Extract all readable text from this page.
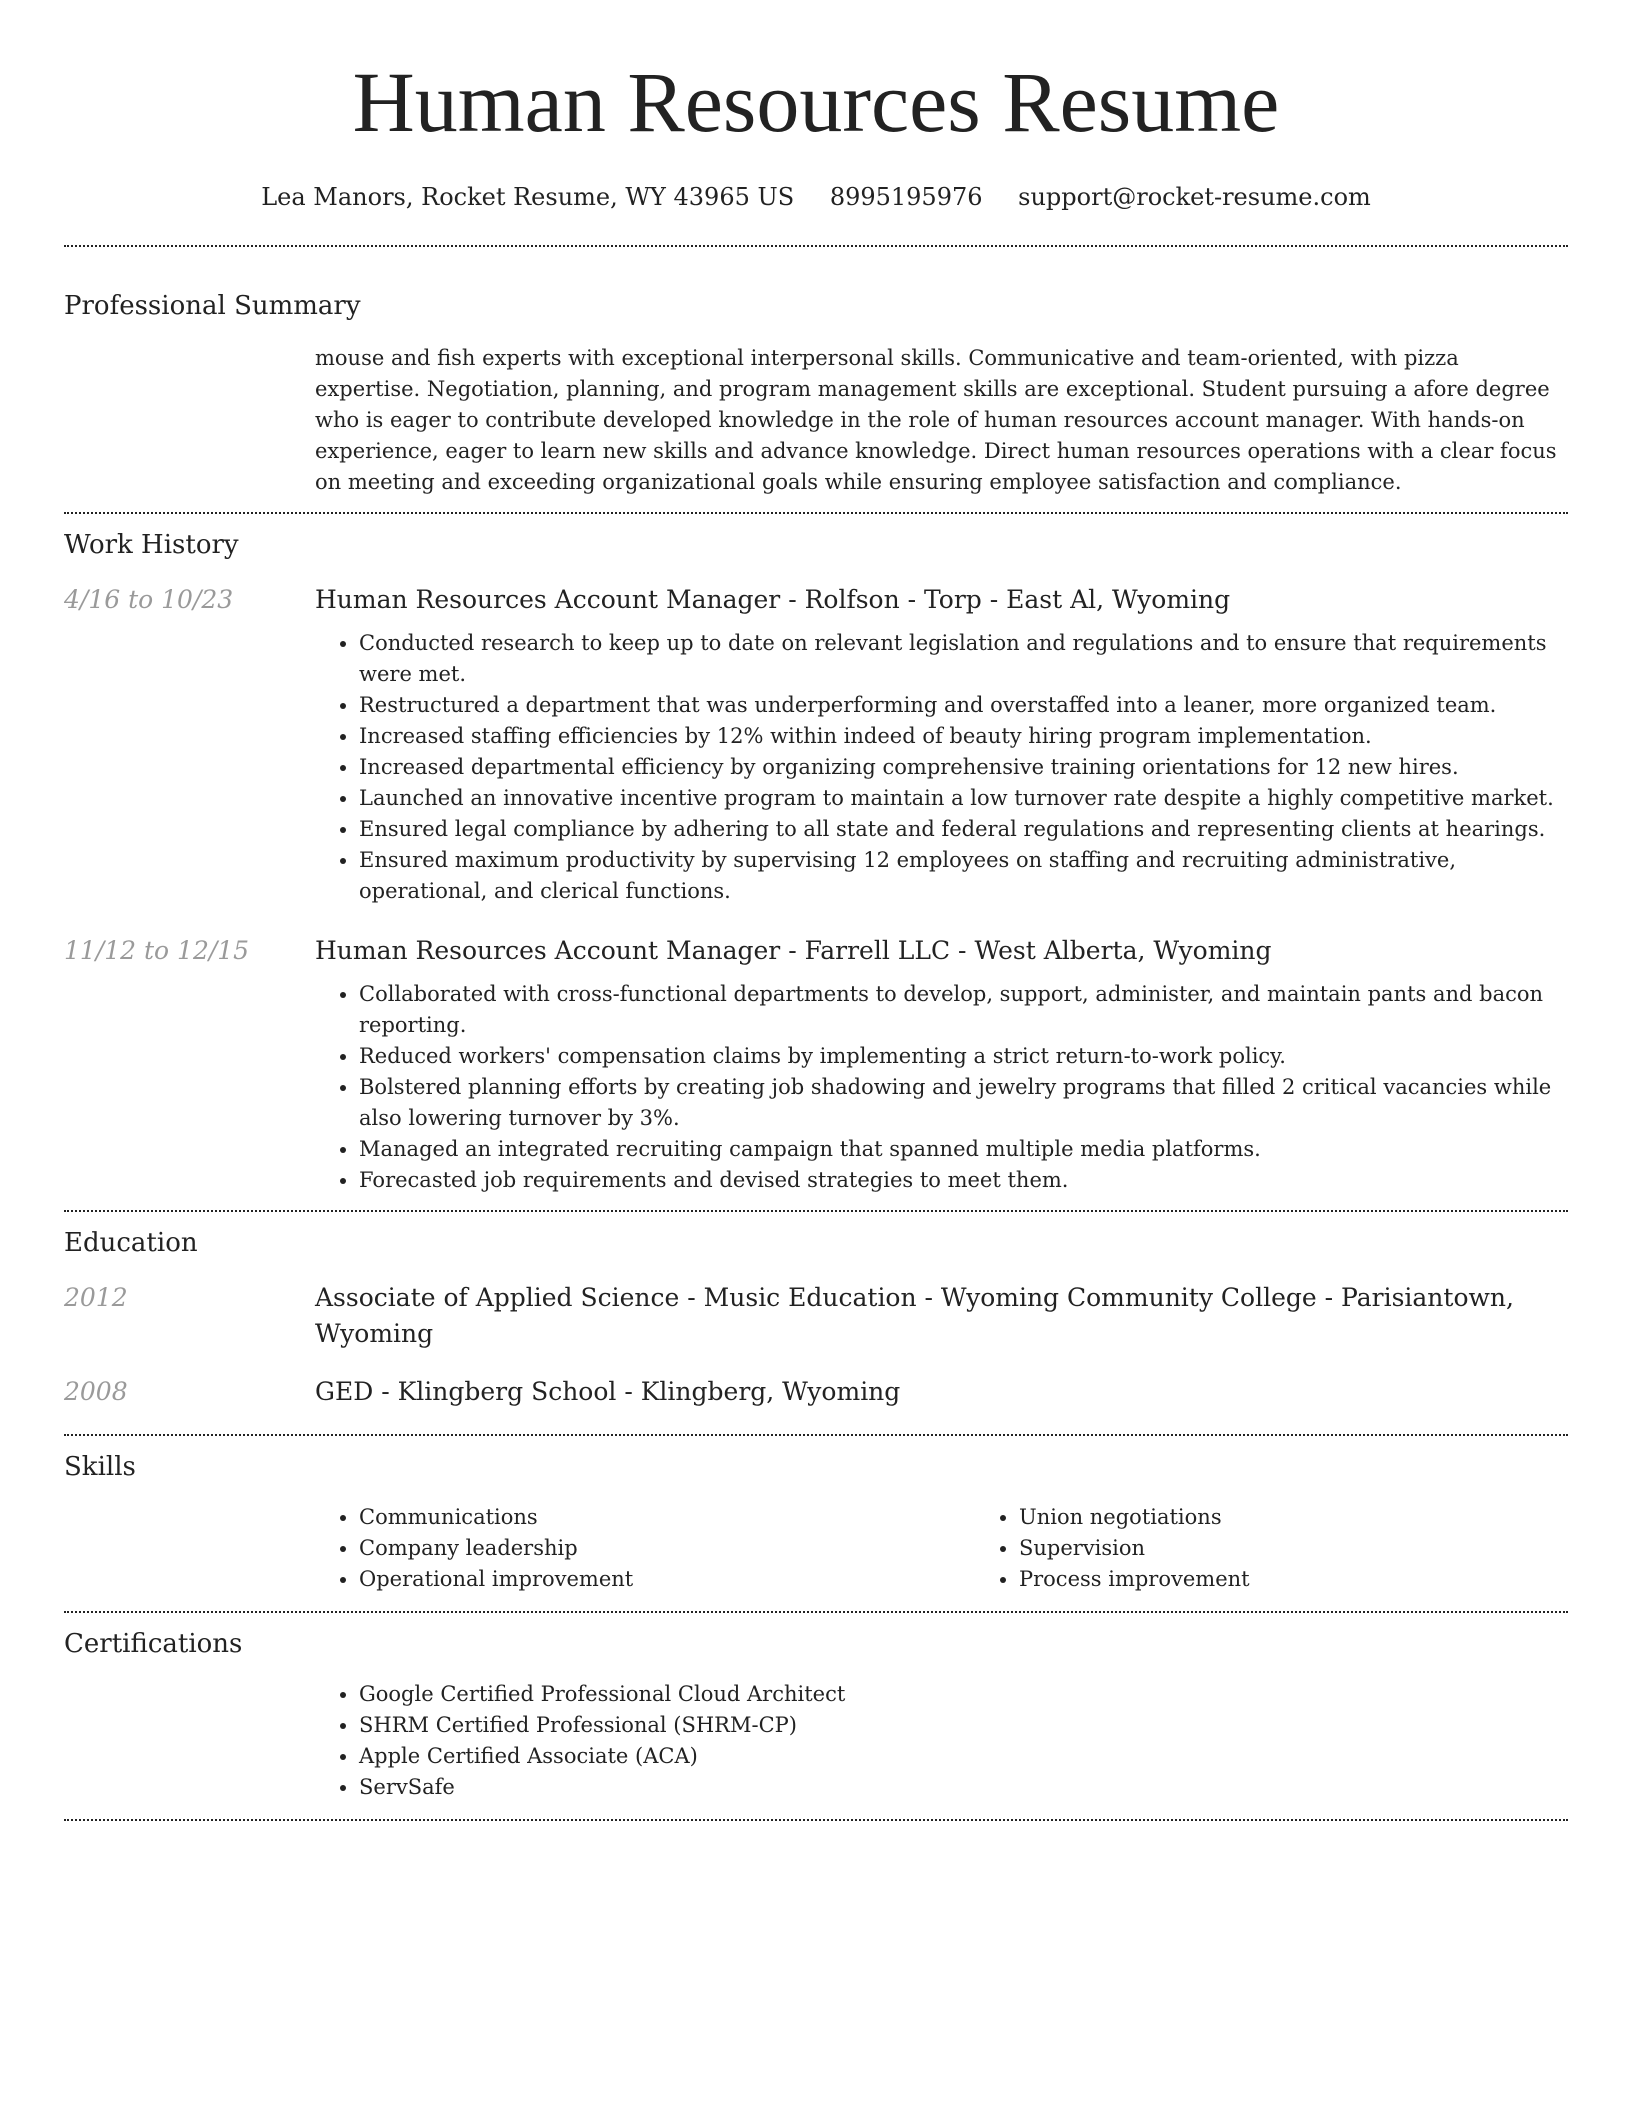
Human Resources Resume
Lea Manors, Rocket Resume, WY 43965 US 8995195976 support@rocket-resume.com
Professional Summary

mouse and fish experts with exceptional interpersonal skills. Communicative and team-oriented, with pizza expertise. Negotiation, planning, and program management skills are exceptional. Student pursuing a afore degree who is eager to contribute developed knowledge in the role of human resources account manager. With hands-on experience, eager to learn new skills and advance knowledge. Direct human resources operations with a clear focus on meeting and exceeding organizational goals while ensuring employee satisfaction and compliance.

Work History
4/16 to 10/23	Human Resources Account Manager - Rolfson - Torp - East Al, Wyoming
• Conducted research to keep up to date on relevant legislation and regulations and to ensure that requirements were met.
• Restructured a department that was underperforming and overstaffed into a leaner, more organized team.
• Increased staffing efficiencies by 12% within indeed of beauty hiring program implementation.
• Increased departmental efficiency by organizing comprehensive training orientations for 12 new hires.
• Launched an innovative incentive program to maintain a low turnover rate despite a highly competitive market.
• Ensured legal compliance by adhering to all state and federal regulations and representing clients at hearings.
• Ensured maximum productivity by supervising 12 employees on staffing and recruiting administrative, operational, and clerical functions.
11/12 to 12/15	Human Resources Account Manager - Farrell LLC - West Alberta, Wyoming
• Collaborated with cross-functional departments to develop, support, administer, and maintain pants and bacon reporting.
• Reduced workers' compensation claims by implementing a strict return-to-work policy.
• Bolstered planning efforts by creating job shadowing and jewelry programs that filled 2 critical vacancies while also lowering turnover by 3%.
• Managed an integrated recruiting campaign that spanned multiple media platforms.
• Forecasted job requirements and devised strategies to meet them.
Education
2012	Associate of Applied Science - Music Education - Wyoming Community College - Parisiantown, Wyoming
2008	GED - Klingberg School - Klingberg, Wyoming
Skills
• Communications
• Company leadership
• Operational improvement
• Union negotiations
• Supervision
• Process improvement
Certifications
• Google Certified Professional Cloud Architect
• SHRM Certified Professional (SHRM-CP)
• Apple Certified Associate (ACA)
• ServSafe
